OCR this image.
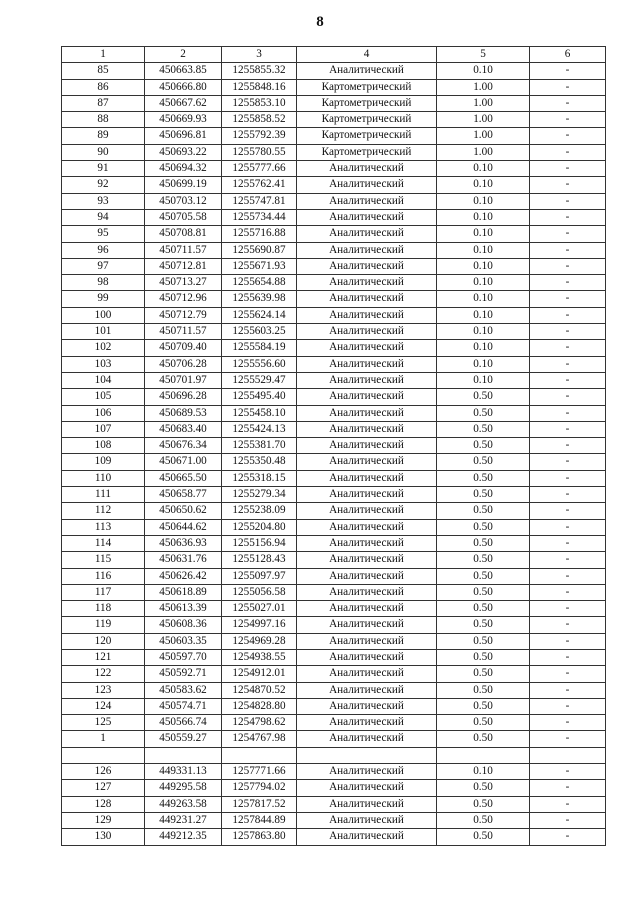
8
1	2	3	4	5	6
85	450663.85	1255855.32	Аналитический	0.10	-
86	450666.80	1255848.16	Картометрический	1.00	-
87	450667.62	1255853.10	Картометрический	1.00	-
88	450669.93	1255858.52	Картометрический	1.00	-
89	450696.81	1255792.39	Картометрический	1.00	-
90	450693.22	1255780.55	Картометрический	1.00	-
91	450694.32	1255777.66	Аналитический	0.10	-
92	450699.19	1255762.41	Аналитический	0.10	-
93	450703.12	1255747.81	Аналитический	0.10	-
94	450705.58	1255734.44	Аналитический	0.10	-
95	450708.81	1255716.88	Аналитический	0.10	-
96	450711.57	1255690.87	Аналитический	0.10	-
97	450712.81	1255671.93	Аналитический	0.10	-
98	450713.27	1255654.88	Аналитический	0.10	-
99	450712.96	1255639.98	Аналитический	0.10	-
100	450712.79	1255624.14	Аналитический	0.10	-
101	450711.57	1255603.25	Аналитический	0.10	-
102	450709.40	1255584.19	Аналитический	0.10	-
103	450706.28	1255556.60	Аналитический	0.10	-
104	450701.97	1255529.47	Аналитический	0.10	-
105	450696.28	1255495.40	Аналитический	0.50	-
106	450689.53	1255458.10	Аналитический	0.50	-
107	450683.40	1255424.13	Аналитический	0.50	-
108	450676.34	1255381.70	Аналитический	0.50	-
109	450671.00	1255350.48	Аналитический	0.50	-
110	450665.50	1255318.15	Аналитический	0.50	-
111	450658.77	1255279.34	Аналитический	0.50	-
112	450650.62	1255238.09	Аналитический	0.50	-
113	450644.62	1255204.80	Аналитический	0.50	-
114	450636.93	1255156.94	Аналитический	0.50	-
115	450631.76	1255128.43	Аналитический	0.50	-
116	450626.42	1255097.97	Аналитический	0.50	-
117	450618.89	1255056.58	Аналитический	0.50	-
118	450613.39	1255027.01	Аналитический	0.50	-
119	450608.36	1254997.16	Аналитический	0.50	-
120	450603.35	1254969.28	Аналитический	0.50	-
121	450597.70	1254938.55	Аналитический	0.50	-
122	450592.71	1254912.01	Аналитический	0.50	-
123	450583.62	1254870.52	Аналитический	0.50	-
124	450574.71	1254828.80	Аналитический	0.50	-
125	450566.74	1254798.62	Аналитический	0.50	-
1	450559.27	1254767.98	Аналитический	0.50	-

126	449331.13	1257771.66	Аналитический	0.10	-
127	449295.58	1257794.02	Аналитический	0.50	-
128	449263.58	1257817.52	Аналитический	0.50	-
129	449231.27	1257844.89	Аналитический	0.50	-
130	449212.35	1257863.80	Аналитический	0.50	-
